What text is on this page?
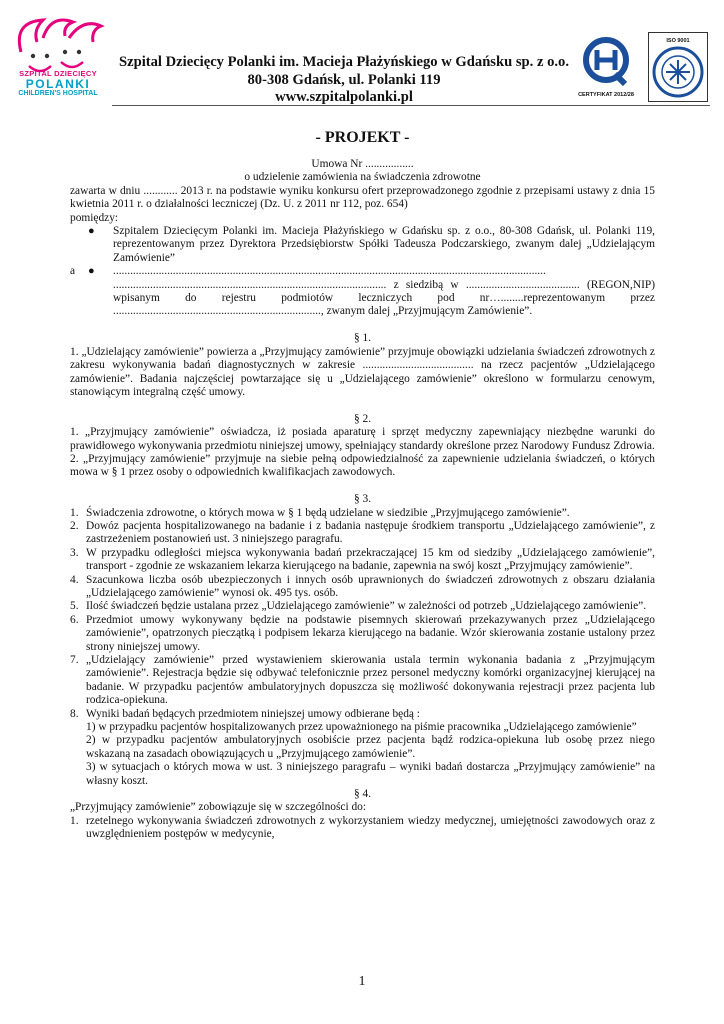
SZPITAL DZIECIĘCY
POLANKI
CHILDREN'S HOSPITAL
Szpital Dziecięcy Polanki im. Macieja Płażyńskiego w Gdańsku sp. z o.o.
80-308 Gdańsk, ul. Polanki 119
www.szpitalpolanki.pl	CERTYFIKAT 2012/28
ISO 9001
- PROJEKT -
Umowa Nr .................
o udzielenie zamówienia na świadczenia zdrowotne
zawarta w dniu ............ 2013 r. na podstawie wyniku konkursu ofert przeprowadzonego zgodnie z przepisami ustawy z dnia 15 kwietnia 2011 r. o działalności leczniczej (Dz. U. z 2011 nr 112, poz. 654)
pomiędzy:
● Szpitalem Dziecięcym Polanki im. Macieja Płażyńskiego w Gdańsku sp. z o.o., 80-308 Gdańsk, ul. Polanki 119, reprezentowanym przez Dyrektora Przedsiębiorstw Spółki Tadeusza Podczarskiego, zwanym dalej „Udzielającym Zamówienie”
a	● ........................................................................................................................................................ ................................................................................................ z siedzibą w ........................................ (REGON,NIP) wpisanym do rejestru podmiotów leczniczych pod nr…........reprezentowanym przez ........................................................................., zwanym dalej „Przyjmującym Zamówienie”.
§ 1.
1. „Udzielający zamówienie” powierza a „Przyjmujący zamówienie” przyjmuje obowiązki udzielania świadczeń zdrowotnych z zakresu wykonywania badań diagnostycznych w zakresie ....................................... na rzecz pacjentów „Udzielającego zamówienie”. Badania najczęściej powtarzające się u „Udzielającego zamówienie” określono w formularzu cenowym, stanowiącym integralną część umowy.
§ 2.
1. „Przyjmujący zamówienie” oświadcza, iż posiada aparaturę i sprzęt medyczny zapewniający niezbędne warunki do prawidłowego wykonywania przedmiotu niniejszej umowy, spełniający standardy określone przez Narodowy Fundusz Zdrowia.
2. „Przyjmujący zamówienie” przyjmuje na siebie pełną odpowiedzialność za zapewnienie udzielania świadczeń, o których mowa w § 1 przez osoby o odpowiednich kwalifikacjach zawodowych.
§ 3.
1. Świadczenia zdrowotne, o których mowa w § 1 będą udzielane w siedzibie „Przyjmującego zamówienie”.
2. Dowóz pacjenta hospitalizowanego na badanie i z badania następuje środkiem transportu „Udzielającego zamówienie”, z zastrzeżeniem postanowień ust. 3 niniejszego paragrafu.
3. W przypadku odległości miejsca wykonywania badań przekraczającej 15 km od siedziby „Udzielającego zamówienie”, transport - zgodnie ze wskazaniem lekarza kierującego na badanie, zapewnia na swój koszt „Przyjmujący zamówienie”.
4. Szacunkowa liczba osób ubezpieczonych i innych osób uprawnionych do świadczeń zdrowotnych z obszaru działania „Udzielającego zamówienie” wynosi ok. 495 tys. osób.
5. Ilość świadczeń będzie ustalana przez „Udzielającego zamówienie” w zależności od potrzeb „Udzielającego zamówienie”.
6. Przedmiot umowy wykonywany będzie na podstawie pisemnych skierowań przekazywanych przez „Udzielającego zamówienie”, opatrzonych pieczątką i podpisem lekarza kierującego na badanie. Wzór skierowania zostanie ustalony przez strony niniejszej umowy.
7. „Udzielający zamówienie” przed wystawieniem skierowania ustala termin wykonania badania z „Przyjmującym zamówienie”. Rejestracja będzie się odbywać telefonicznie przez personel medyczny komórki organizacyjnej kierującej na badanie. W przypadku pacjentów ambulatoryjnych dopuszcza się możliwość dokonywania rejestracji przez pacjenta lub rodzica-opiekuna.
8. Wyniki badań będących przedmiotem niniejszej umowy odbierane będą :
1) w przypadku pacjentów hospitalizowanych przez upoważnionego na piśmie pracownika „Udzielającego zamówienie”
2) w przypadku pacjentów ambulatoryjnych osobiście przez pacjenta bądź rodzica-opiekuna lub osobę przez niego wskazaną na zasadach obowiązujących u „Przyjmującego zamówienie”.
3) w sytuacjach o których mowa w ust. 3 niniejszego paragrafu – wyniki badań dostarcza „Przyjmujący zamówienie” na własny koszt.
§ 4.
„Przyjmujący zamówienie” zobowiązuje się w szczególności do:
1. rzetelnego wykonywania świadczeń zdrowotnych z wykorzystaniem wiedzy medycznej, umiejętności zawodowych oraz z uwzględnieniem postępów w medycynie,
1
